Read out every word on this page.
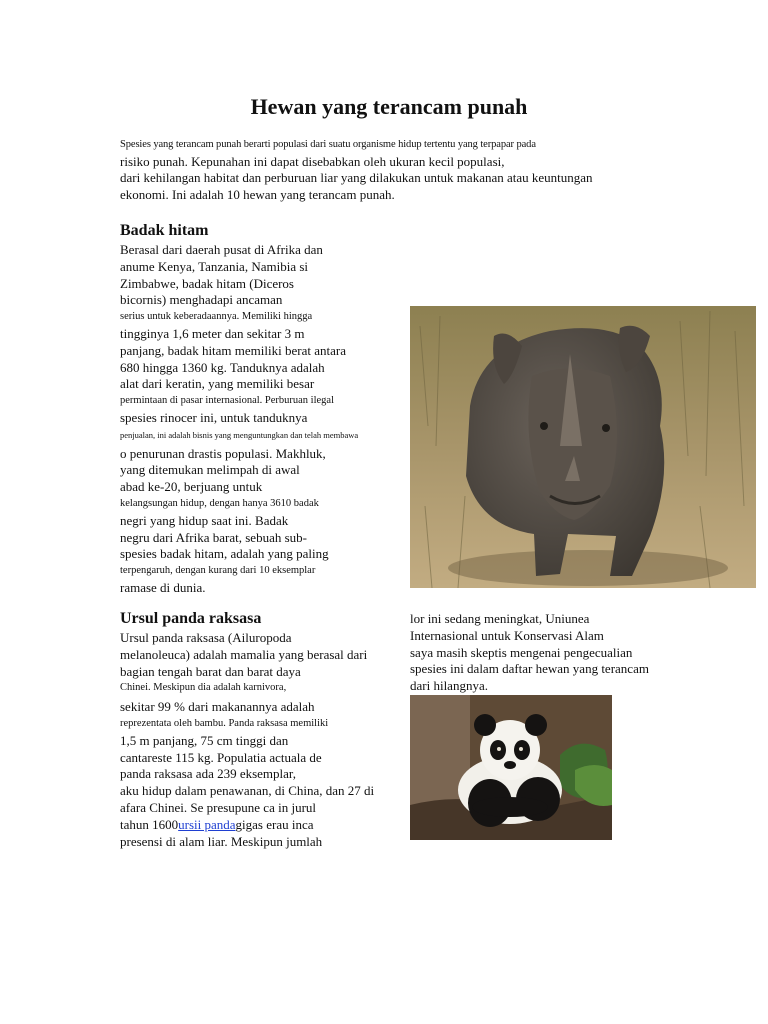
Hewan yang terancam punah
Spesies yang terancam punah berarti populasi dari suatu organisme hidup tertentu yang terpapar pada
risiko punah. Kepunahan ini dapat disebabkan oleh ukuran kecil populasi,
dari kehilangan habitat dan perburuan liar yang dilakukan untuk makanan atau keuntungan
ekonomi. Ini adalah 10 hewan yang terancam punah.
Badak hitam
Berasal dari daerah pusat di Afrika dan
anume Kenya, Tanzania, Namibia si
Zimbabwe, badak hitam (Diceros
bicornis) menghadapi ancaman
serius untuk keberadaannya. Memiliki hingga
tingginya 1,6 meter dan sekitar 3 m
panjang, badak hitam memiliki berat antara
680 hingga 1360 kg. Tanduknya adalah
alat dari keratin, yang memiliki besar
permintaan di pasar internasional. Perburuan ilegal
spesies rinocer ini, untuk tanduknya
penjualan, ini adalah bisnis yang menguntungkan dan telah membawa
o penurunan drastis populasi. Makhluk,
yang ditemukan melimpah di awal
abad ke-20, berjuang untuk
kelangsungan hidup, dengan hanya 3610 badak
negri yang hidup saat ini. Badak
negru dari Afrika barat, sebuah sub-
spesies badak hitam, adalah yang paling
terpengaruh, dengan kurang dari 10 eksemplar
ramase di dunia.
Ursul panda raksasa
Ursul panda raksasa (Ailuropoda
melanoleuca) adalah mamalia yang berasal dari
bagian tengah barat dan barat daya
Chinei. Meskipun dia adalah karnivora,
sekitar 99 % dari makanannya adalah
reprezentata oleh bambu. Panda raksasa memiliki
1,5 m panjang, 75 cm tinggi dan
cantareste 115 kg. Populatia actuala de
panda raksasa ada 239 eksemplar,
aku hidup dalam penawanan, di China, dan 27 di
afara Chinei. Se presupune ca in jurul
tahun 1600ursii pandagigas erau inca
presensi di alam liar. Meskipun jumlah
lor ini sedang meningkat, Uniunea
Internasional untuk Konservasi Alam
saya masih skeptis mengenai pengecualian
spesies ini dalam daftar hewan yang terancam
dari hilangnya.
